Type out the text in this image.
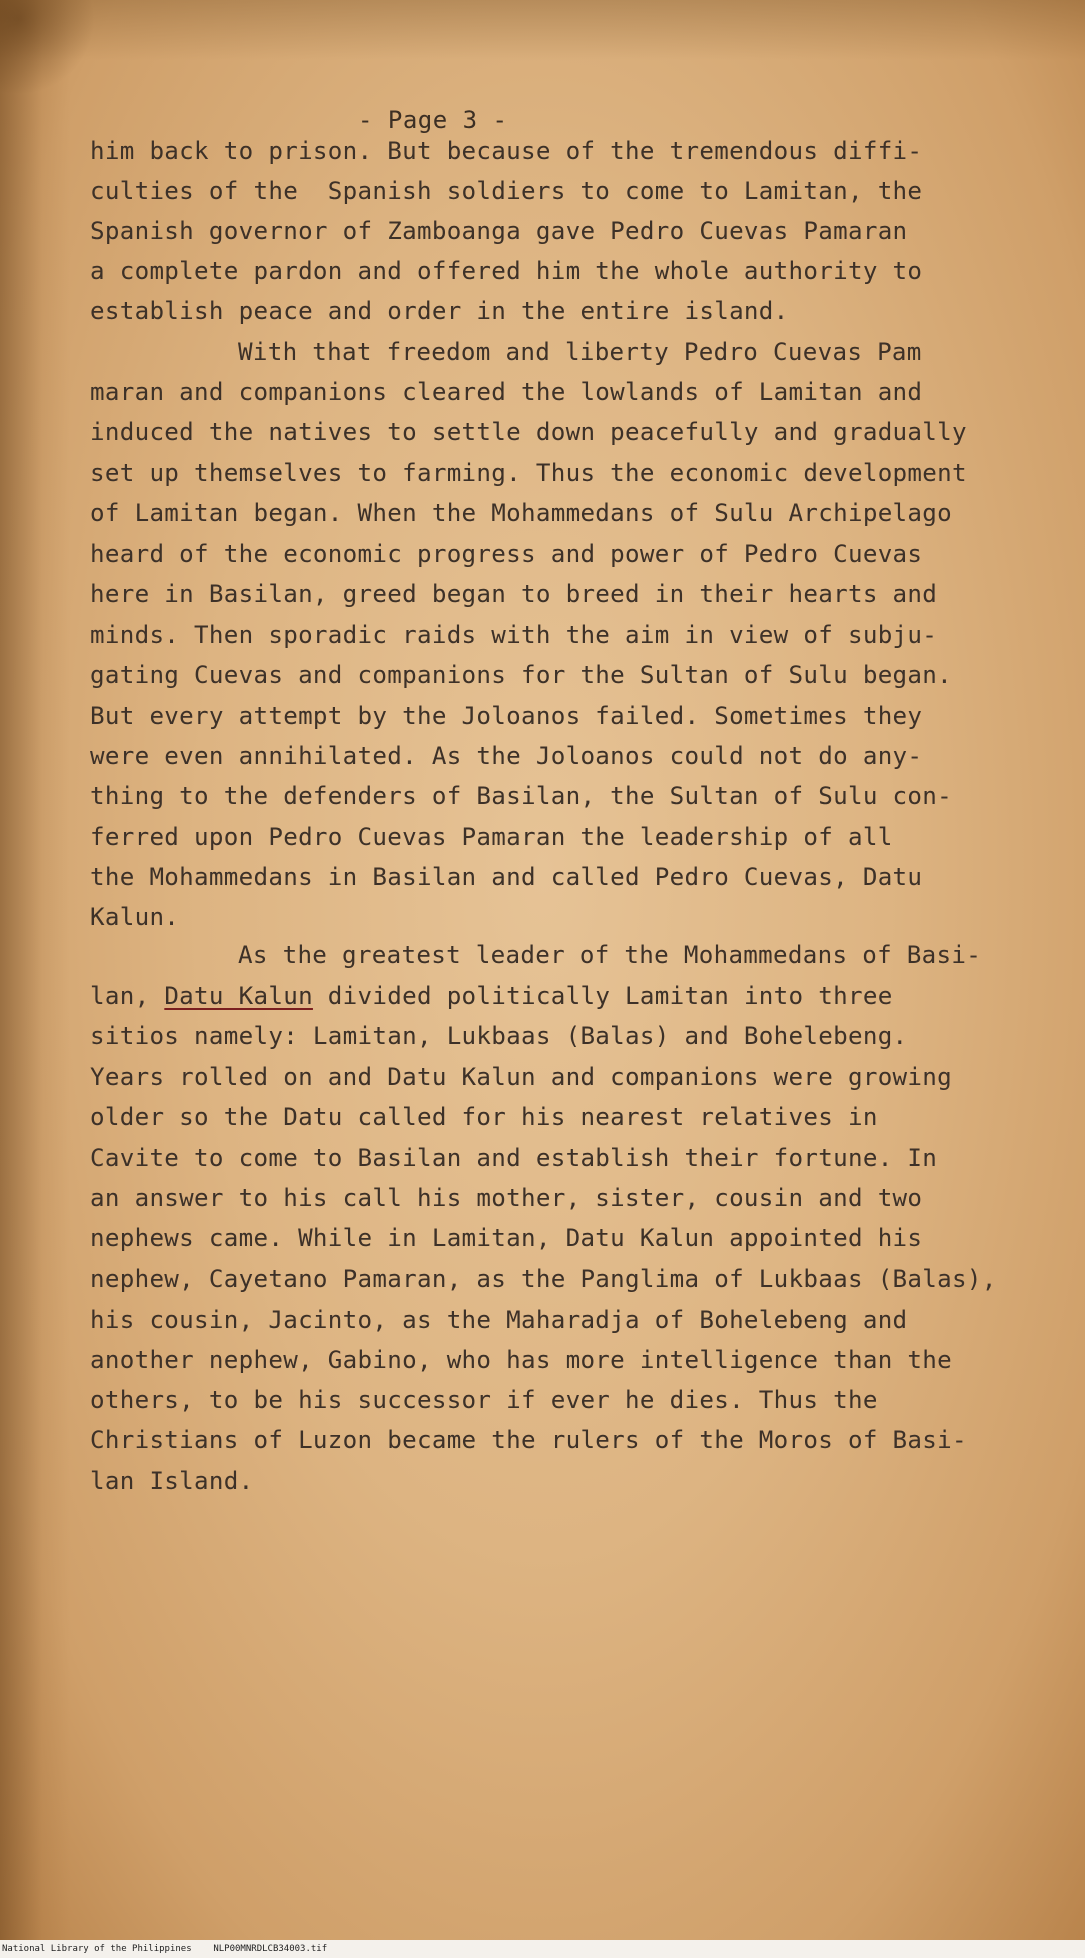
- Page 3 -
him back to prison. But because of the tremendous diffi-
culties of the  Spanish soldiers to come to Lamitan, the
Spanish governor of Zamboanga gave Pedro Cuevas Pamaran
a complete pardon and offered him the whole authority to
establish peace and order in the entire island.
With that freedom and liberty Pedro Cuevas Pam
maran and companions cleared the lowlands of Lamitan and
induced the natives to settle down peacefully and gradually
set up themselves to farming. Thus the economic development
of Lamitan began. When the Mohammedans of Sulu Archipelago
heard of the economic progress and power of Pedro Cuevas
here in Basilan, greed began to breed in their hearts and
minds. Then sporadic raids with the aim in view of subju-
gating Cuevas and companions for the Sultan of Sulu began.
But every attempt by the Joloanos failed. Sometimes they
were even annihilated. As the Joloanos could not do any-
thing to the defenders of Basilan, the Sultan of Sulu con-
ferred upon Pedro Cuevas Pamaran the leadership of all
the Mohammedans in Basilan and called Pedro Cuevas, Datu
Kalun.
As the greatest leader of the Mohammedans of Basi-
lan, Datu Kalun divided politically Lamitan into three
sitios namely: Lamitan, Lukbaas (Balas) and Bohelebeng.
Years rolled on and Datu Kalun and companions were growing
older so the Datu called for his nearest relatives in
Cavite to come to Basilan and establish their fortune. In
an answer to his call his mother, sister, cousin and two
nephews came. While in Lamitan, Datu Kalun appointed his
nephew, Cayetano Pamaran, as the Panglima of Lukbaas (Balas),
his cousin, Jacinto, as the Maharadja of Bohelebeng and
another nephew, Gabino, who has more intelligence than the
others, to be his successor if ever he dies. Thus the
Christians of Luzon became the rulers of the Moros of Basi-
lan Island.
National Library of the Philippines NLP00MNRDLCB34003.tif
